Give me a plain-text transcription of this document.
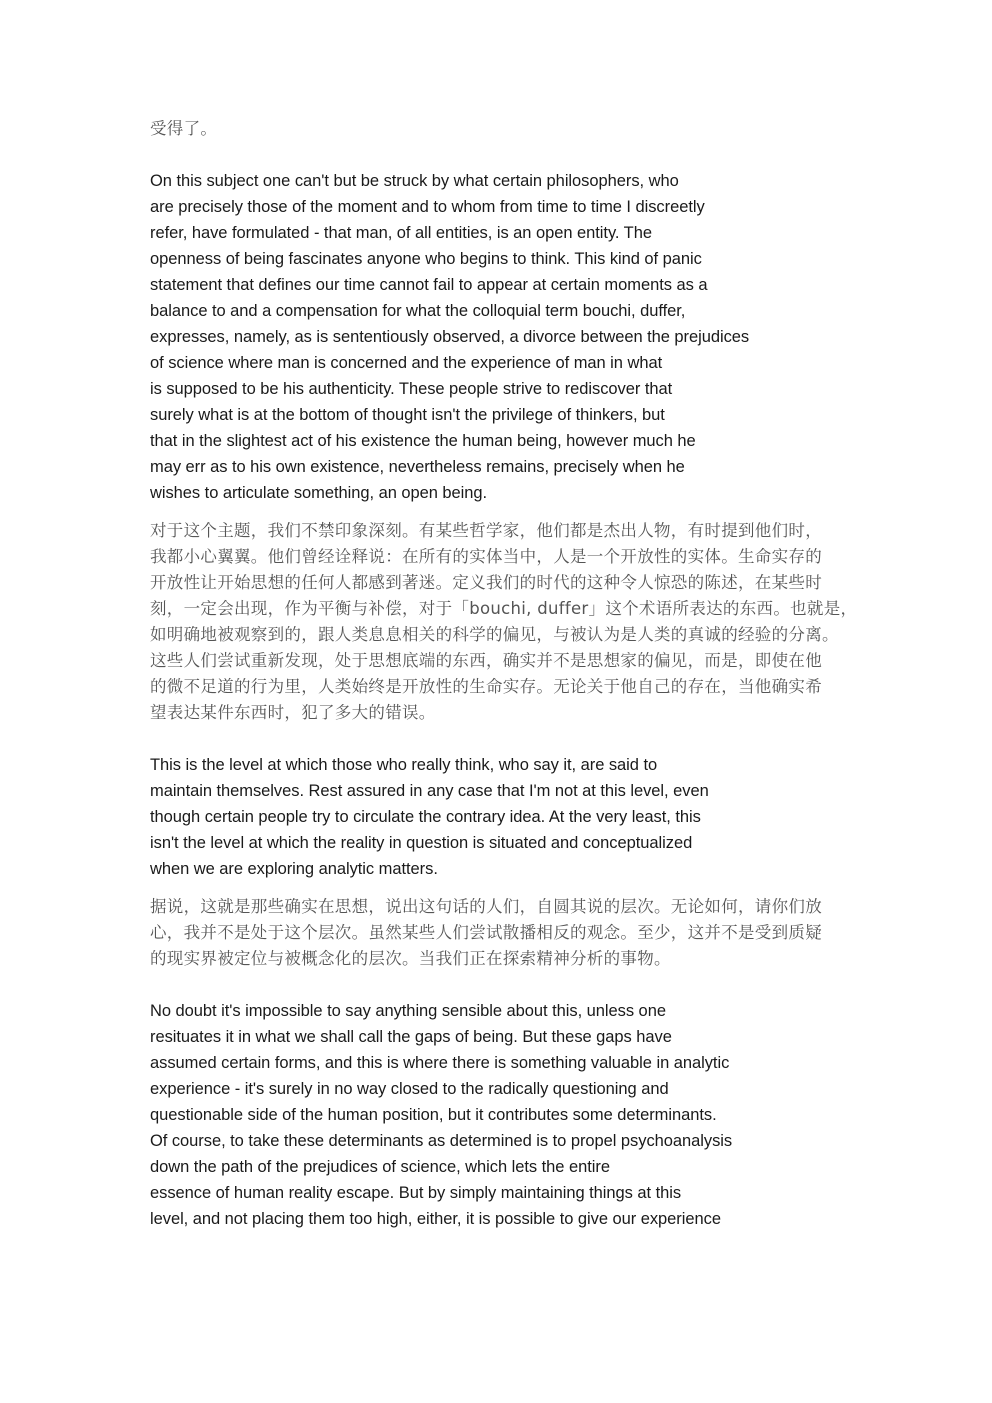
受得了。
On this subject one can't but be struck by what certain philosophers, who
are precisely those of the moment and to whom from time to time I discreetly
refer, have formulated - that man, of all entities, is an open entity. The
openness of being fascinates anyone who begins to think. This kind of panic
statement that defines our time cannot fail to appear at certain moments as a
balance to and a compensation for what the colloquial term bouchi, duffer,
expresses, namely, as is sententiously observed, a divorce between the prejudices
of science where man is concerned and the experience of man in what
is supposed to be his authenticity. These people strive to rediscover that
surely what is at the bottom of thought isn't the privilege of thinkers, but
that in the slightest act of his existence the human being, however much he
may err as to his own existence, nevertheless remains, precisely when he
wishes to articulate something, an open being.
对于这个主题，我们不禁印象深刻。有某些哲学家，他们都是杰出人物，有时提到他们时，
我都小心翼翼。他们曾经诠释说：在所有的实体当中，人是一个开放性的实体。生命实存的
开放性让开始思想的任何人都感到著迷。定义我们的时代的这种令人惊恐的陈述，在某些时
刻，一定会出现，作为平衡与补偿，对于「bouchi, duffer」这个术语所表达的东西。也就是，
如明确地被观察到的，跟人类息息相关的科学的偏见，与被认为是人类的真诚的经验的分离。
这些人们尝试重新发现，处于思想底端的东西，确实并不是思想家的偏见，而是，即使在他
的微不足道的行为里，人类始终是开放性的生命实存。无论关于他自己的存在，当他确实希
望表达某件东西时，犯了多大的错误。
This is the level at which those who really think, who say it, are said to
maintain themselves. Rest assured in any case that I'm not at this level, even
though certain people try to circulate the contrary idea. At the very least, this
isn't the level at which the reality in question is situated and conceptualized
when we are exploring analytic matters.
据说，这就是那些确实在思想，说出这句话的人们，自圆其说的层次。无论如何，请你们放
心，我并不是处于这个层次。虽然某些人们尝试散播相反的观念。至少，这并不是受到质疑
的现实界被定位与被概念化的层次。当我们正在探索精神分析的事物。
No doubt it's impossible to say anything sensible about this, unless one
resituates it in what we shall call the gaps of being. But these gaps have
assumed certain forms, and this is where there is something valuable in analytic
experience - it's surely in no way closed to the radically questioning and
questionable side of the human position, but it contributes some determinants.
Of course, to take these determinants as determined is to propel psychoanalysis
down the path of the prejudices of science, which lets the entire
essence of human reality escape. But by simply maintaining things at this
level, and not placing them too high, either, it is possible to give our experience
